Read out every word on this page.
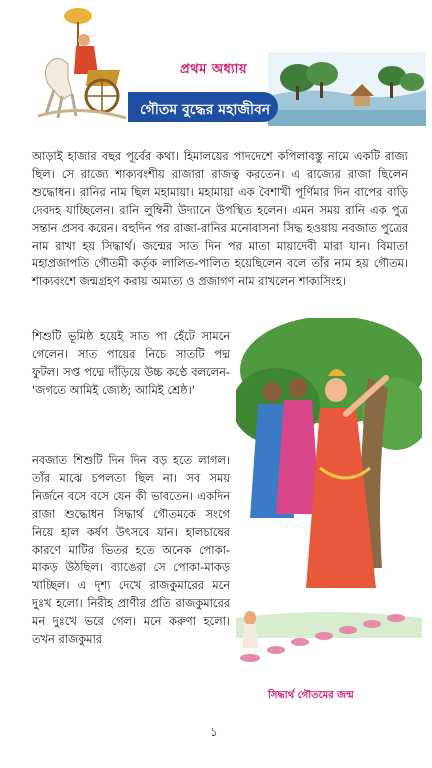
প্রথম অধ্যায়
গৌতম বুদ্ধের মহাজীবন

আড়াই হাজার বছর পূর্বের কথা। হিমালয়ের পাদদেশে কপিলাবস্তু নামে একটি রাজ্য ছিল। সে রাজ্যে শাক্যবংশীয় রাজারা রাজত্ব করতেন। এ রাজ্যের রাজা ছিলেন শুদ্ধোধন। রানির নাম ছিল মহামায়া। মহামায়া এক বৈশাখী পূর্ণিমার দিন বাপের বাড়ি দেবদহ যাচ্ছিলেন। রানি লুম্বিনী উদ্যানে উপস্থিত হলেন। এমন সময় রানি এক পুত্র সন্তান প্রসব করেন। বহুদিন পর রাজা-রানির মনোবাসনা সিদ্ধ হওয়ায় নবজাত পুত্রের নাম রাখা হয় সিদ্ধার্থ। জন্মের সাত দিন পর মাতা মায়াদেবী মারা যান। বিমাতা মহাপ্রজাপতি গৌতমী কর্তৃক লালিত-পালিত হয়েছিলেন বলে তাঁর নাম হয় গৌতম। শাক্যবংশে জন্মগ্রহণ করায় অমাত্য ও প্রজাগণ নাম রাখলেন শাক্যসিংহ।

শিশুটি ভূমিষ্ঠ হয়েই সাত পা হেঁটে সামনে গেলেন। সাত পায়ের নিচে সাতটি পদ্ম ফুটল। সপ্ত পদ্মে দাঁড়িয়ে উচ্চ কণ্ঠে বললেন- 'জগতে আমিই জ্যেষ্ঠ; আমিই শ্রেষ্ঠ।'

নবজাত শিশুটি দিন দিন বড় হতে লাগল। তাঁর মাঝে চপলতা ছিল না। সব সময় নির্জনে বসে বসে যেন কী ভাবতেন। একদিন রাজা শুদ্ধোধন সিদ্ধার্থ গৌতমকে সংগে নিয়ে হাল কর্ষণ উৎসবে যান। হালচাষের কারণে মাটির ভিতর হতে অনেক পোকা-মাকড় উঠছিল। ব্যাঙেরা সে পোকা-মাকড় খাচ্ছিল। এ দৃশ্য দেখে রাজকুমারের মনে দুঃখ হলো। নিরীহ প্রাণীর প্রতি রাজকুমারের মন দুঃখে ভরে গেল। মনে করুণা হলো। তখন রাজকুমার

সিদ্ধার্থ গৌতমের জন্ম
১
